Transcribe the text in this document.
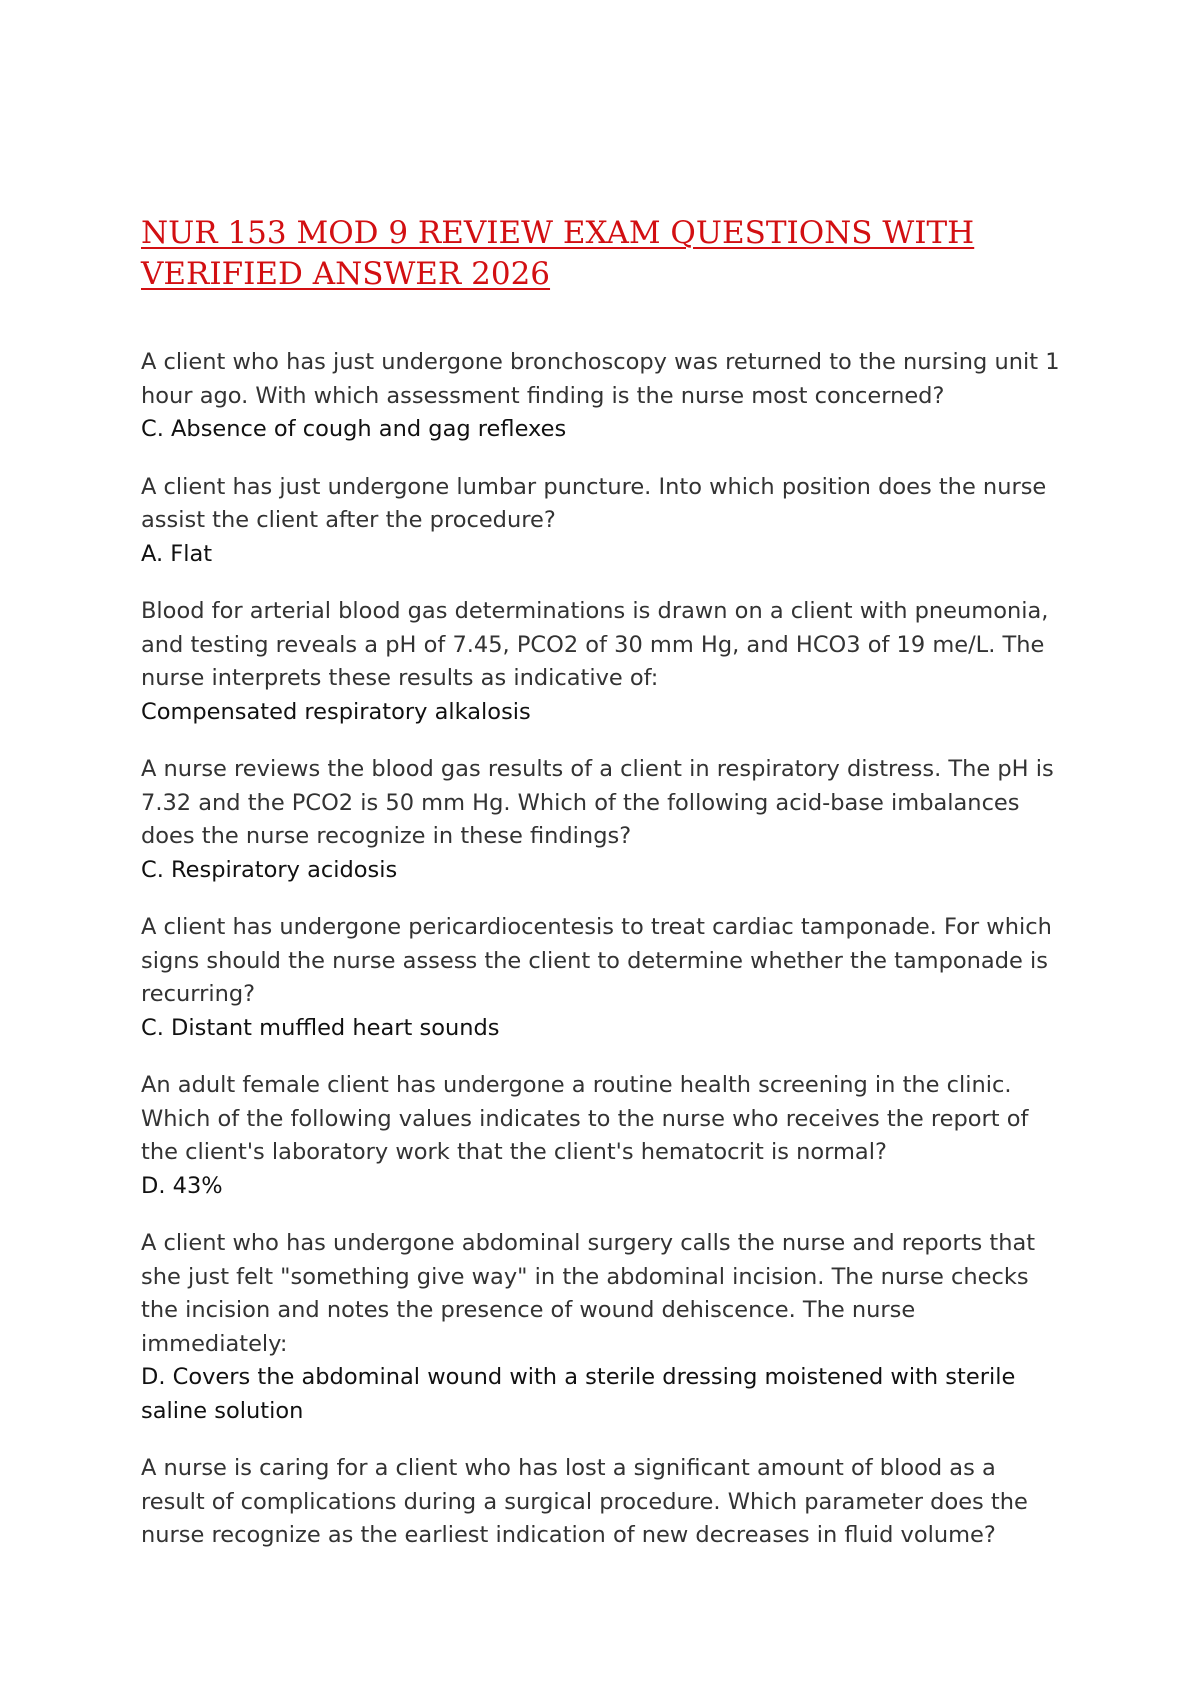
NUR 153 MOD 9 REVIEW EXAM QUESTIONS WITH
VERIFIED ANSWER 2026

A client who has just undergone bronchoscopy was returned to the nursing unit 1 hour ago. With which assessment finding is the nurse most concerned?

C. Absence of cough and gag reflexes

A client has just undergone lumbar puncture. Into which position does the nurse assist the client after the procedure?

A. Flat

Blood for arterial blood gas determinations is drawn on a client with pneumonia, and testing reveals a pH of 7.45, PCO2 of 30 mm Hg, and HCO3 of 19 me/L. The nurse interprets these results as indicative of:

Compensated respiratory alkalosis

A nurse reviews the blood gas results of a client in respiratory distress. The pH is 7.32 and the PCO2 is 50 mm Hg. Which of the following acid-base imbalances does the nurse recognize in these findings?

C. Respiratory acidosis

A client has undergone pericardiocentesis to treat cardiac tamponade. For which signs should the nurse assess the client to determine whether the tamponade is recurring?

C. Distant muffled heart sounds

An adult female client has undergone a routine health screening in the clinic. Which of the following values indicates to the nurse who receives the report of the client's laboratory work that the client's hematocrit is normal?

D. 43%

A client who has undergone abdominal surgery calls the nurse and reports that she just felt "something give way" in the abdominal incision. The nurse checks the incision and notes the presence of wound dehiscence. The nurse immediately:

D. Covers the abdominal wound with a sterile dressing moistened with sterile saline solution

A nurse is caring for a client who has lost a significant amount of blood as a result of complications during a surgical procedure. Which parameter does the nurse recognize as the earliest indication of new decreases in fluid volume?
